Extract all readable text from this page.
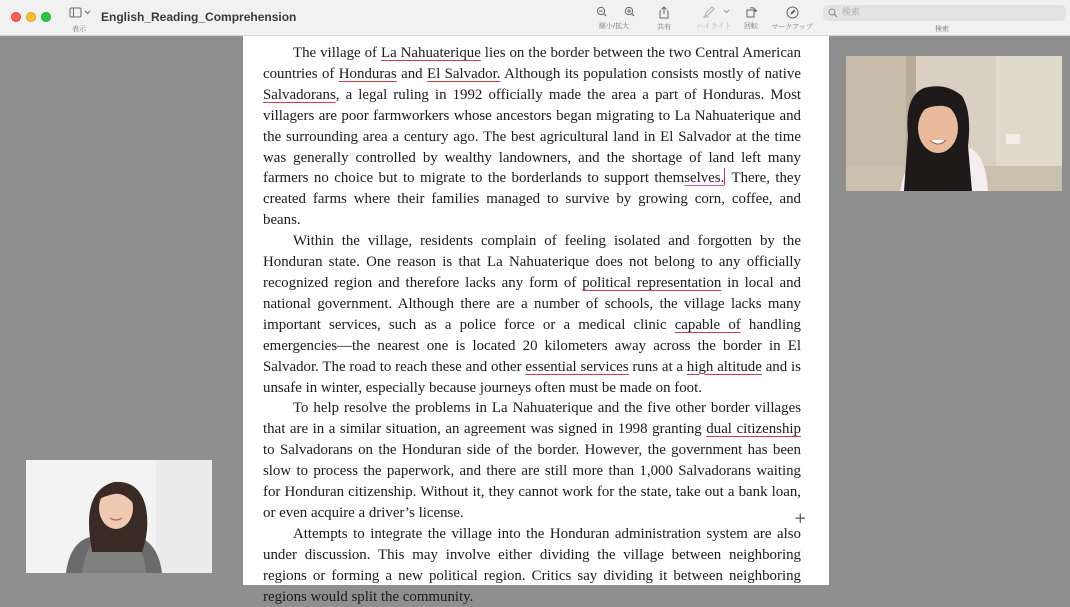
表示
English_Reading_Comprehension
縮小/拡大	共有	ハイライト	回転	マークアップ
検索	検索

The village of La Nahuaterique lies on the border between the two Central American countries of Honduras and El Salvador. Although its population consists mostly of native Salvadorans, a legal ruling in 1992 officially made the area a part of Honduras. Most villagers are poor farmworkers whose ancestors began migrating to La Nahuaterique and the surrounding area a century ago. The best agricultural land in El Salvador at the time was generally controlled by wealthy landowners, and the shortage of land left many farmers no choice but to migrate to the borderlands to support themselves. There, they created farms where their families managed to survive by growing corn, coffee, and beans.

Within the village, residents complain of feeling isolated and forgotten by the Honduran state. One reason is that La Nahuaterique does not belong to any officially recognized region and therefore lacks any form of political representation in local and national government. Although there are a number of schools, the village lacks many important services, such as a police force or a medical clinic capable of handling emergencies—the nearest one is located 20 kilometers away across the border in El Salvador. The road to reach these and other essential services runs at a high altitude and is unsafe in winter, especially because journeys often must be made on foot.

To help resolve the problems in La Nahuaterique and the five other border villages that are in a similar situation, an agreement was signed in 1998 granting dual citizenship to Salvadorans on the Honduran side of the border. However, the government has been slow to process the paperwork, and there are still more than 1,000 Salvadorans waiting for Honduran citizenship. Without it, they cannot work for the state, take out a bank loan, or even acquire a driver’s license.

Attempts to integrate the village into the Honduran administration system are also under discussion. This may involve either dividing the village between neighboring regions or forming a new political region. Critics say dividing it between neighboring regions would split the community.

+
